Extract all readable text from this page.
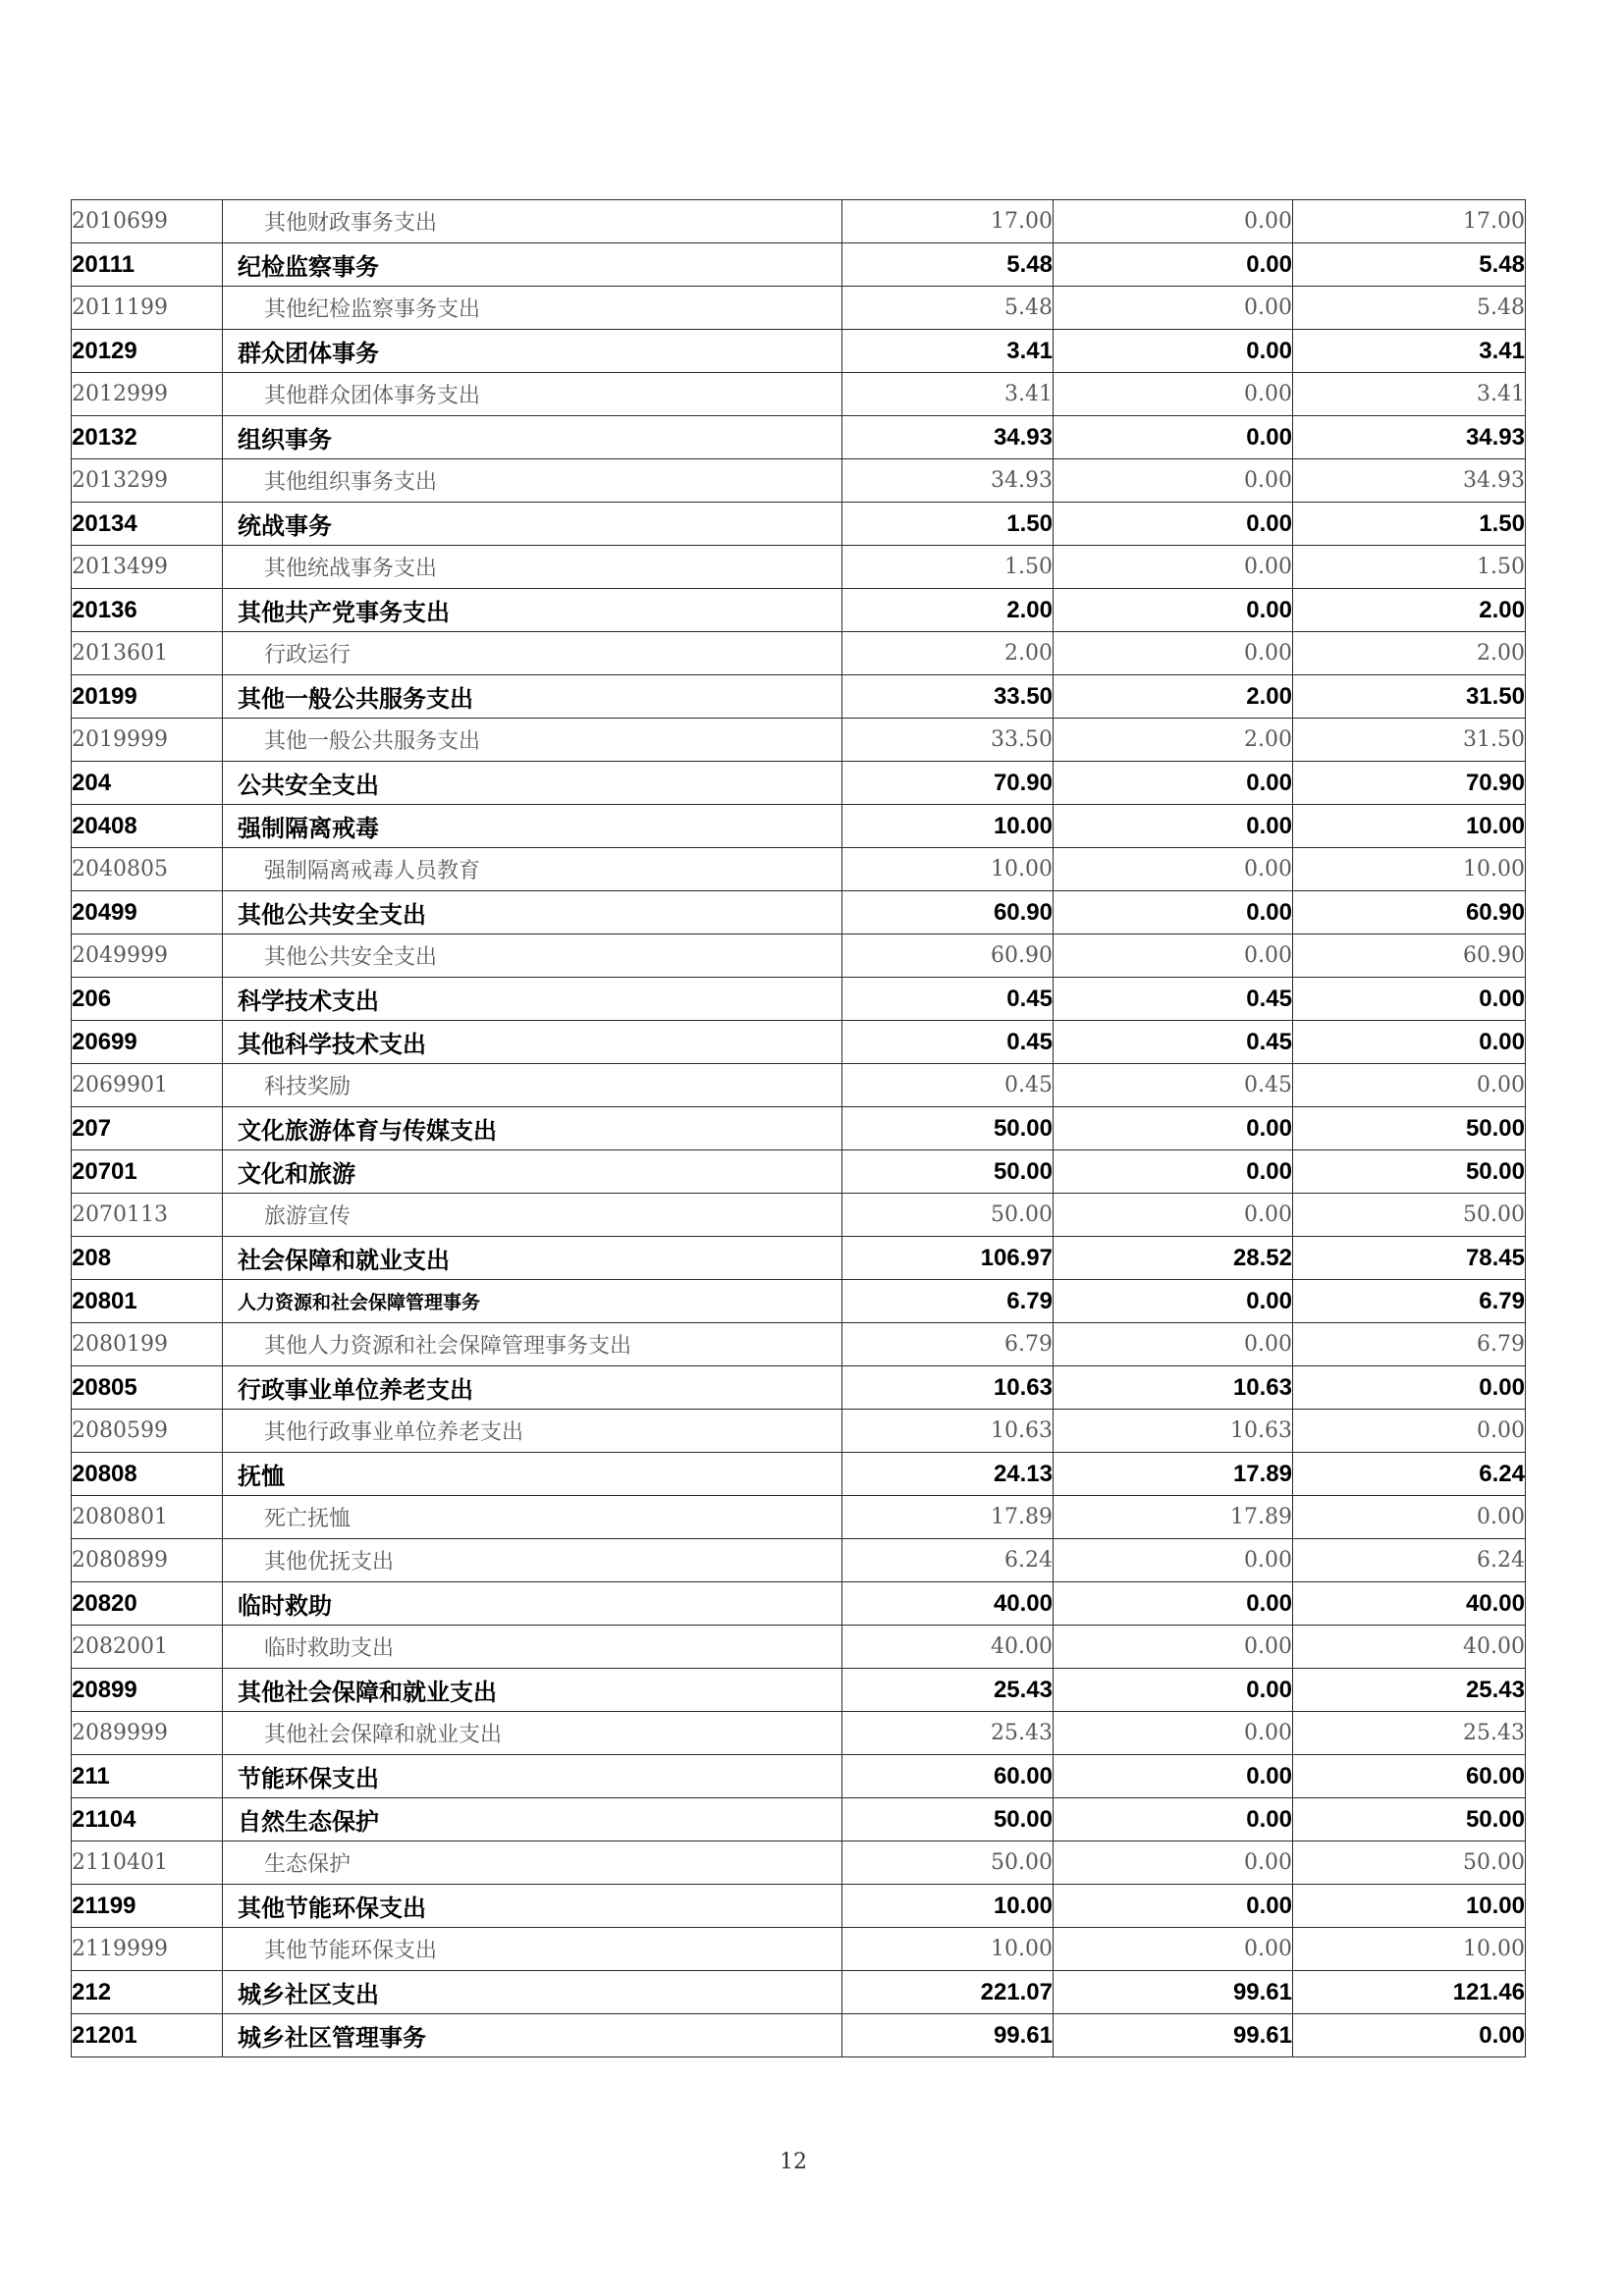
2010699	其他财政事务支出	17.00	0.00	17.00
20111	纪检监察事务	5.48	0.00	5.48
2011199	其他纪检监察事务支出	5.48	0.00	5.48
20129	群众团体事务	3.41	0.00	3.41
2012999	其他群众团体事务支出	3.41	0.00	3.41
20132	组织事务	34.93	0.00	34.93
2013299	其他组织事务支出	34.93	0.00	34.93
20134	统战事务	1.50	0.00	1.50
2013499	其他统战事务支出	1.50	0.00	1.50
20136	其他共产党事务支出	2.00	0.00	2.00
2013601	行政运行	2.00	0.00	2.00
20199	其他一般公共服务支出	33.50	2.00	31.50
2019999	其他一般公共服务支出	33.50	2.00	31.50
204	公共安全支出	70.90	0.00	70.90
20408	强制隔离戒毒	10.00	0.00	10.00
2040805	强制隔离戒毒人员教育	10.00	0.00	10.00
20499	其他公共安全支出	60.90	0.00	60.90
2049999	其他公共安全支出	60.90	0.00	60.90
206	科学技术支出	0.45	0.45	0.00
20699	其他科学技术支出	0.45	0.45	0.00
2069901	科技奖励	0.45	0.45	0.00
207	文化旅游体育与传媒支出	50.00	0.00	50.00
20701	文化和旅游	50.00	0.00	50.00
2070113	旅游宣传	50.00	0.00	50.00
208	社会保障和就业支出	106.97	28.52	78.45
20801	人力资源和社会保障管理事务	6.79	0.00	6.79
2080199	其他人力资源和社会保障管理事务支出	6.79	0.00	6.79
20805	行政事业单位养老支出	10.63	10.63	0.00
2080599	其他行政事业单位养老支出	10.63	10.63	0.00
20808	抚恤	24.13	17.89	6.24
2080801	死亡抚恤	17.89	17.89	0.00
2080899	其他优抚支出	6.24	0.00	6.24
20820	临时救助	40.00	0.00	40.00
2082001	临时救助支出	40.00	0.00	40.00
20899	其他社会保障和就业支出	25.43	0.00	25.43
2089999	其他社会保障和就业支出	25.43	0.00	25.43
211	节能环保支出	60.00	0.00	60.00
21104	自然生态保护	50.00	0.00	50.00
2110401	生态保护	50.00	0.00	50.00
21199	其他节能环保支出	10.00	0.00	10.00
2119999	其他节能环保支出	10.00	0.00	10.00
212	城乡社区支出	221.07	99.61	121.46
21201	城乡社区管理事务	99.61	99.61	0.00
12
